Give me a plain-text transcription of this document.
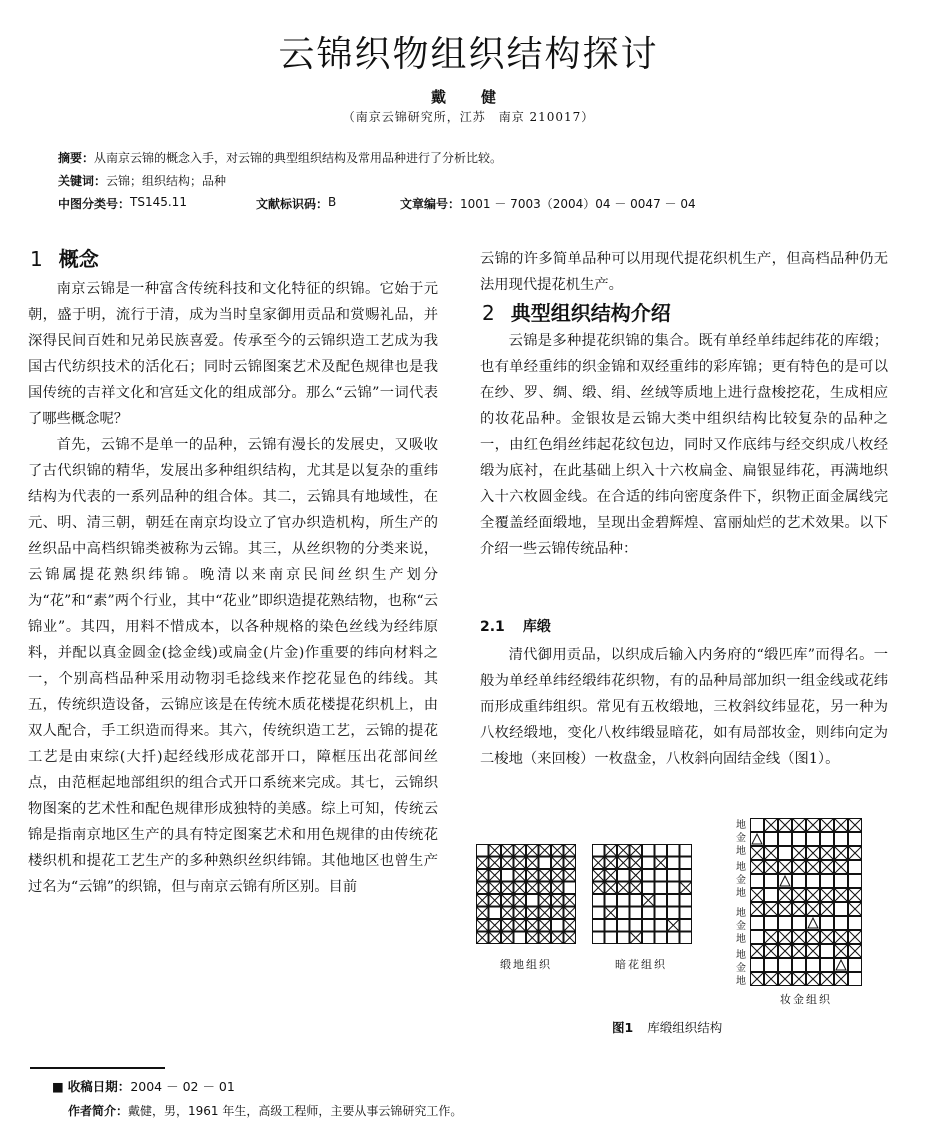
云锦织物组织结构探讨
戴　健
（南京云锦研究所，江苏　南京 210017）
摘要：从南京云锦的概念入手，对云锦的典型组织结构及常用品种进行了分析比较。
关键词：云锦；组织结构；品种
中图分类号： TS145.11	文献标识码： B	文章编号： 1001 － 7003（2004）04 － 0047 － 04
1 概念

南京云锦是一种富含传统科技和文化特征的织锦。它始于元朝，盛于明，流行于清，成为当时皇家御用贡品和赏赐礼品，并深得民间百姓和兄弟民族喜爱。传承至今的云锦织造工艺成为我国古代纺织技术的活化石；同时云锦图案艺术及配色规律也是我国传统的吉祥文化和宫廷文化的组成部分。那么“云锦”一词代表了哪些概念呢？

首先，云锦不是单一的品种，云锦有漫长的发展史，又吸收了古代织锦的精华，发展出多种组织结构，尤其是以复杂的重纬结构为代表的一系列品种的组合体。其二，云锦具有地域性，在元、明、清三朝，朝廷在南京均设立了官办织造机构，所生产的丝织品中高档织锦类被称为云锦。其三，从丝织物的分类来说，云锦属提花熟织纬锦。晚清以来南京民间丝织生产划分为“花”和“素”两个行业，其中“花业”即织造提花熟结物，也称“云锦业”。其四，用料不惜成本，以各种规格的染色丝线为经纬原料，并配以真金圆金(捻金线)或扁金(片金)作重要的纬向材料之一，个别高档品种采用动物羽毛捻线来作挖花显色的纬线。其五，传统织造设备，云锦应该是在传统木质花楼提花织机上，由双人配合，手工织造而得来。其六，传统织造工艺，云锦的提花工艺是由束综(大扦)起经线形成花部开口，障框压出花部间丝点，由范框起地部组织的组合式开口系统来完成。其七，云锦织物图案的艺术性和配色规律形成独特的美感。综上可知，传统云锦是指南京地区生产的具有特定图案艺术和用色规律的由传统花楼织机和提花工艺生产的多种熟织丝织纬锦。其他地区也曾生产过名为“云锦”的织锦，但与南京云锦有所区别。目前

云锦的许多简单品种可以用现代提花织机生产，但高档品种仍无法用现代提花机生产。

2 典型组织结构介绍

云锦是多种提花织锦的集合。既有单经单纬起纬花的库缎；也有单经重纬的织金锦和双经重纬的彩库锦；更有特色的是可以在纱、罗、绸、缎、绢、丝绒等质地上进行盘梭挖花，生成相应的妆花品种。金银妆是云锦大类中组织结构比较复杂的品种之一，由红色绢丝纬起花纹包边，同时又作底纬与经交织成八枚经缎为底衬，在此基础上织入十六枚扁金、扁银显纬花，再满地织入十六枚圆金线。在合适的纬向密度条件下，织物正面金属线完全覆盖经面缎地，呈现出金碧辉煌、富丽灿烂的艺术效果。以下介绍一些云锦传统品种：

2.1 库缎

清代御用贡品，以织成后输入内务府的“缎匹库”而得名。一般为单经单纬经缎纬花织物，有的品种局部加织一组金线或花纬而形成重纬组织。常见有五枚缎地，三枚斜纹纬显花，另一种为八枚经缎地，变化八枚纬缎显暗花，如有局部妆金，则纬向定为二梭地（来回梭）一枚盘金，八枚斜向固结金线（图1）。

缎地组织	暗花组织
地
金
地
地
金
地
地
金
地
地
金
地
妆金组织
图1 库缎组织结构
■ 收稿日期：2004 － 02 － 01
作者简介：戴健，男，1961 年生，高级工程师，主要从事云锦研究工作。
